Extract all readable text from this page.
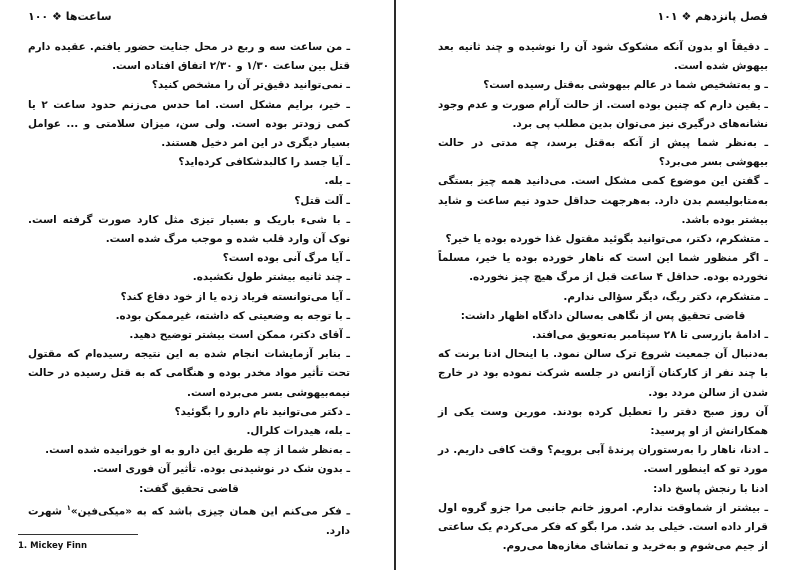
۱۰۰ ❖ ساعت‌ها

ـ من ساعت سه و ربع در محل جنایت حضور یافتم. عقیده دارم قتل بین ساعت ۱/۳۰ و ۲/۳۰ اتفاق افتاده است.

ـ نمی‌توانید دقیق‌تر آن را مشخص کنید؟

ـ خیر، برایم مشکل است. اما حدس می‌زنم حدود ساعت ۲ یا کمی زودتر بوده است. ولی سن، میزان سلامتی و ... عوامل بسیار دیگری در این امر دخیل هستند.

ـ آیا جسد را کالبدشکافی کرده‌اید؟

ـ بله.

ـ آلت قتل؟

ـ با شیء باریک و بسیار تیزی مثل کارد صورت گرفته است. نوک آن وارد قلب شده و موجب مرگ شده است.

ـ آیا مرگ آنی بوده است؟

ـ چند ثانیه بیشتر طول نکشیده.

ـ آیا می‌توانسته فریاد زده یا از خود دفاع کند؟

ـ با توجه به وضعیتی که داشته، غیرممکن بوده.

ـ آقای دکتر، ممکن است بیشتر توضیح دهید.

ـ بنابر آزمایشات انجام شده به این نتیجه رسیده‌ام که مقتول تحت تأثیر مواد مخدر بوده و هنگامی که به قتل رسیده در حالت نیمه‌بیهوشی بسر می‌برده است.

ـ دکتر می‌توانید نام دارو را بگوئید؟

ـ بله، هیدرات کلرال.

ـ به‌نظر شما از چه طریق این دارو به او خورانیده شده است.

ـ بدون شک در نوشیدنی بوده. تأثیر آن فوری است.

قاضی تحقیق گفت:

ـ فکر می‌کنم این همان چیزی باشد که به «میکی‌فین»$^۱$ شهرت دارد.

1. Mickey Finn
فصل پانزدهم ❖ ۱۰۱

ـ دقیقاً او بدون آنکه مشکوک شود آن را نوشیده و چند ثانیه بعد بیهوش شده است.

ـ و به‌تشخیص شما در عالم بیهوشی به‌قتل رسیده است؟

ـ یقین دارم که چنین بوده است. از حالت آرام صورت و عدم وجود نشانه‌های درگیری نیز می‌توان بدین مطلب پی برد.

ـ به‌نظر شما پیش از آنکه به‌قتل برسد، چه مدتی در حالت بیهوشی بسر می‌برد؟

ـ گفتن این موضوع کمی مشکل است. می‌دانید همه چیز بستگی به‌متابولیسم بدن دارد. به‌هرجهت حداقل حدود نیم ساعت و شاید بیشتر بوده باشد.

ـ متشکرم، دکتر، می‌توانید بگوئید مقتول غذا خورده بوده یا خیر؟

ـ اگر منظور شما این است که ناهار خورده بوده یا خیر، مسلماً نخورده بوده. حداقل ۴ ساعت قبل از مرگ هیچ چیز نخورده.

ـ متشکرم، دکتر ریگ، دیگر سؤالی ندارم.

قاضی تحقیق پس از نگاهی به‌سالن دادگاه اظهار داشت:

ـ ادامهٔ بازرسی تا ۲۸ سپتامبر به‌تعویق می‌افتد.

به‌دنبال آن جمعیت شروع ترک سالن نمود. با اینحال ادنا برنت که با چند نفر از کارکنان آژانس در جلسه شرکت نموده بود در خارج شدن از سالن مردد بود.

آن روز صبح دفتر را تعطیل کرده بودند. مورین وست یکی از همکارانش از او پرسید:

ـ ادنا، ناهار را به‌رستوران پرندهٔ آبی برویم؟ وقت کافی داریم. در مورد تو که اینطور است.

ادنا با رنجش پاسخ داد:

ـ بیشتر از شماوقت ندارم. امروز خانم جانبی مرا جزو گروه اول قرار داده است. خیلی بد شد. مرا بگو که فکر می‌کردم یک ساعتی از جیم می‌شوم و به‌خرید و تماشای مغازه‌ها می‌روم.
